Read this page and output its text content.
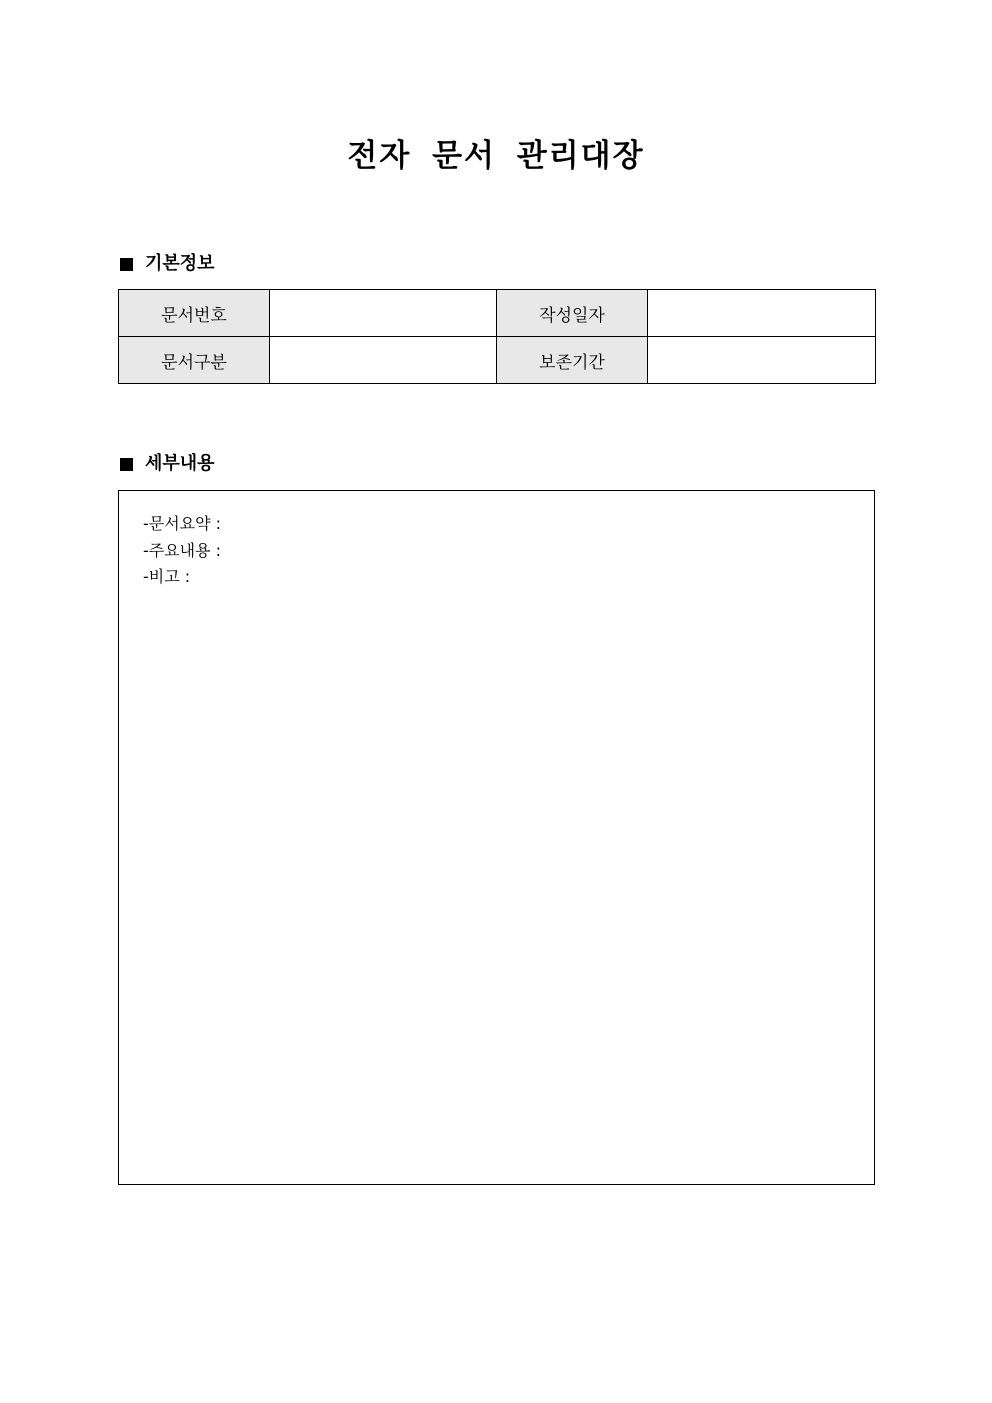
전자 문서 관리대장
기본정보
문서번호		작성일자	
문서구분		보존기간	
세부내용
-문서요약 :
-주요내용 :
-비고 :
